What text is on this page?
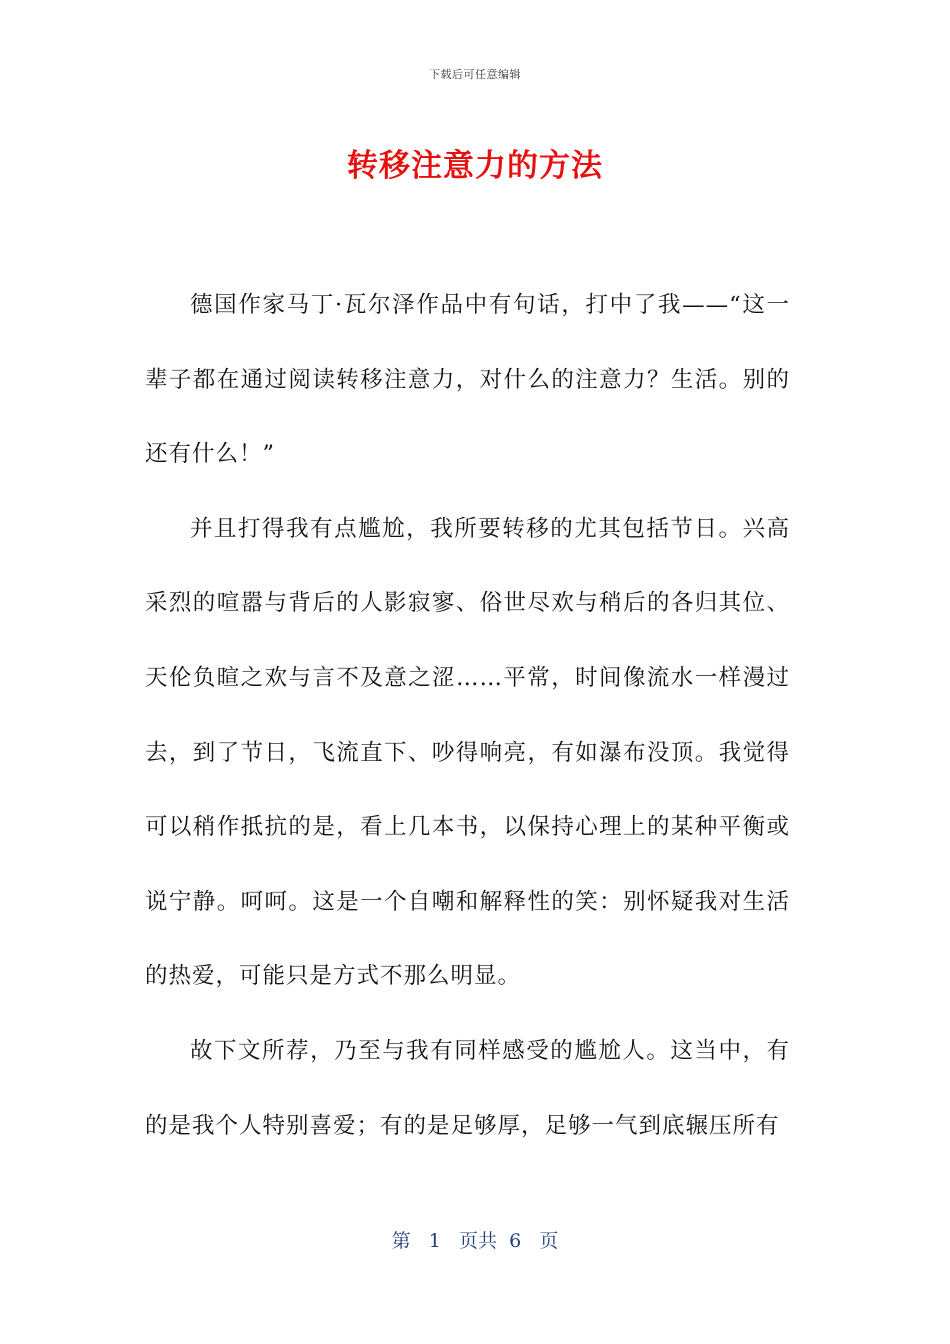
下载后可任意编辑
转移注意力的方法

德国作家马丁·瓦尔泽作品中有句话，打中了我——“这一辈子都在通过阅读转移注意力，对什么的注意力？生活。别的还有什么！”

并且打得我有点尴尬，我所要转移的尤其包括节日。兴高采烈的喧嚣与背后的人影寂寥、俗世尽欢与稍后的各归其位、天伦负暄之欢与言不及意之涩……平常，时间像流水一样漫过去，到了节日，飞流直下、吵得响亮，有如瀑布没顶。我觉得可以稍作抵抗的是，看上几本书，以保持心理上的某种平衡或说宁静。呵呵。这是一个自嘲和解释性的笑：别怀疑我对生活的热爱，可能只是方式不那么明显。

故下文所荐，乃至与我有同样感受的尴尬人。这当中，有的是我个人特别喜爱；有的是足够厚，足够一气到底辗压所有

第 1 页共 6 页
